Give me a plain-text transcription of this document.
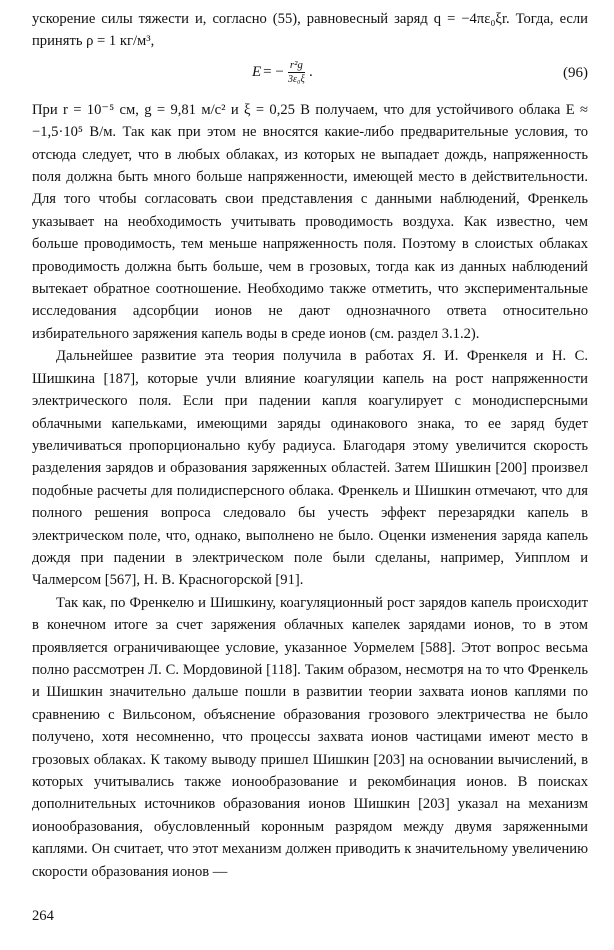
ускорение силы тяжести и, согласно (55), равновесный заряд q = −4πε₀ξr. Тогда, если принять ρ = 1 кг/м³,

E = − $\frac{\text{r²g}}{\text{3ε₀ξ}}$ .	(96)

При r = 10⁻⁵ см, g = 9,81 м/с² и ξ = 0,25 В получаем, что для устойчивого облака E ≈ −1,5·10⁵ В/м. Так как при этом не вносятся какие-либо предварительные условия, то отсюда следует, что в любых облаках, из которых не выпадает дождь, напряженность поля должна быть много больше напряженности, имеющей место в действительности. Для того чтобы согласовать свои представления с данными наблюдений, Френкель указывает на необходимость учитывать проводимость воздуха. Как известно, чем больше проводимость, тем меньше напряженность поля. Поэтому в слоистых облаках проводимость должна быть больше, чем в грозовых, тогда как из данных наблюдений вытекает обратное соотношение. Необходимо также отметить, что экспериментальные исследования адсорбции ионов не дают однозначного ответа относительно избирательного заряжения капель воды в среде ионов (см. раздел 3.1.2).

Дальнейшее развитие эта теория получила в работах Я. И. Френкеля и Н. С. Шишкина [187], которые учли влияние коагуляции капель на рост напряженности электрического поля. Если при падении капля коагулирует с монодисперсными облачными капельками, имеющими заряды одинакового знака, то ее заряд будет увеличиваться пропорционально кубу радиуса. Благодаря этому увеличится скорость разделения зарядов и образования заряженных областей. Затем Шишкин [200] произвел подобные расчеты для полидисперсного облака. Френкель и Шишкин отмечают, что для полного решения вопроса следовало бы учесть эффект перезарядки капель в электрическом поле, что, однако, выполнено не было. Оценки изменения заряда капель дождя при падении в электрическом поле были сделаны, например, Уипплом и Чалмерсом [567], Н. В. Красногорской [91].

Так как, по Френкелю и Шишкину, коагуляционный рост зарядов капель происходит в конечном итоге за счет заряжения облачных капелек зарядами ионов, то в этом проявляется ограничивающее условие, указанное Уормелем [588]. Этот вопрос весьма полно рассмотрен Л. С. Мордовиной [118]. Таким образом, несмотря на то что Френкель и Шишкин значительно дальше пошли в развитии теории захвата ионов каплями по сравнению с Вильсоном, объяснение образования грозового электричества не было получено, хотя несомненно, что процессы захвата ионов частицами имеют место в грозовых облаках. К такому выводу пришел Шишкин [203] на основании вычислений, в которых учитывались также ионообразование и рекомбинация ионов. В поисках дополнительных источников образования ионов Шишкин [203] указал на механизм ионообразования, обусловленный коронным разрядом между двумя заряженными каплями. Он считает, что этот механизм должен приводить к значительному увеличению скорости образования ионов —

264
